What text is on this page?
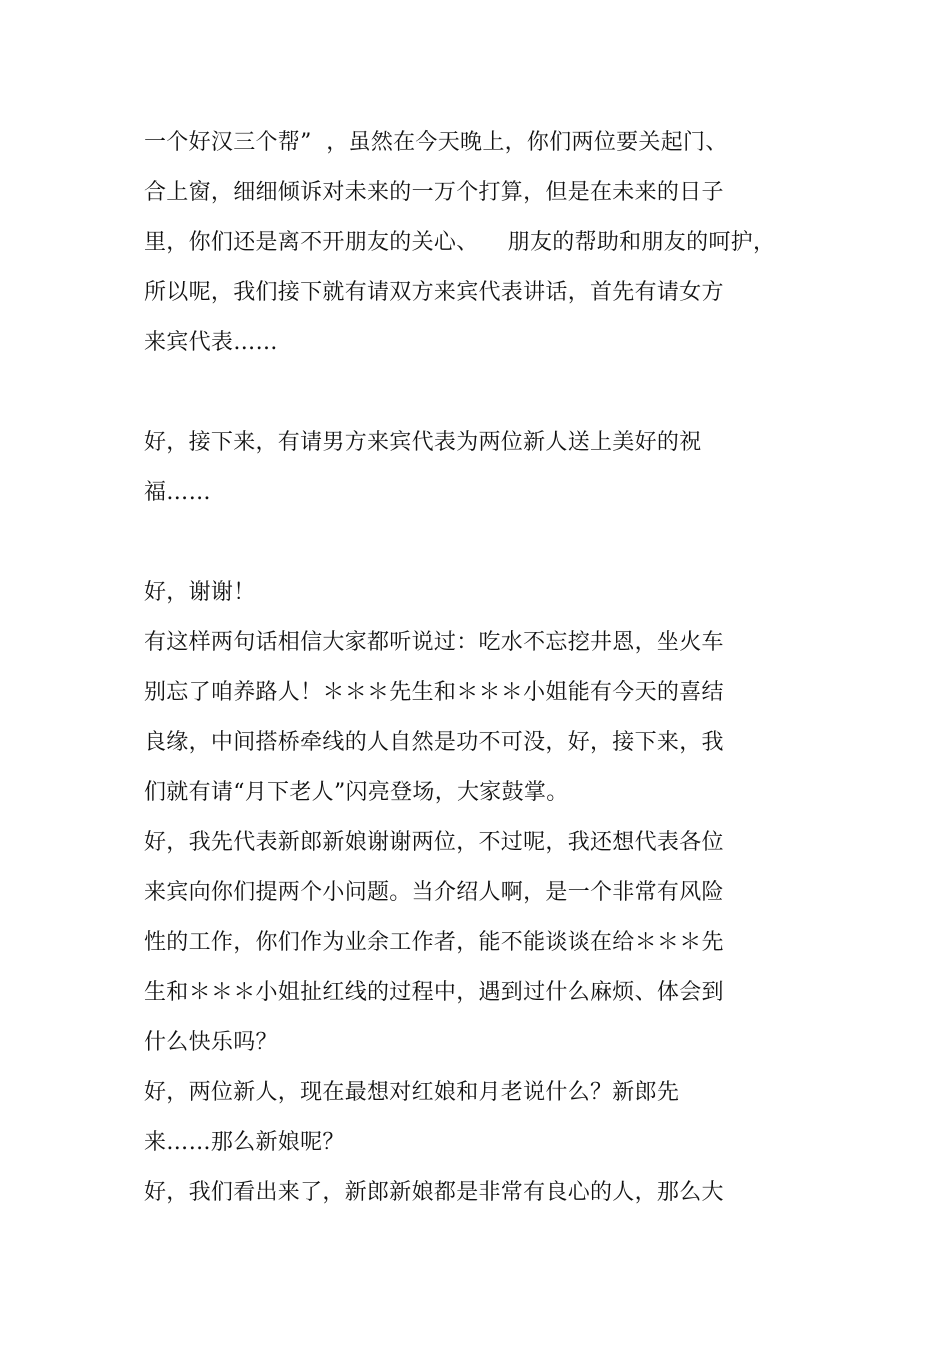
一个好汉三个帮”  ，虽然在今天晚上，你们两位要关起门、
合上窗，细细倾诉对未来的一万个打算，但是在未来的日子
里，你们还是离不开朋友的关心、    朋友的帮助和朋友的呵护，
所以呢，我们接下就有请双方来宾代表讲话，首先有请女方
来宾代表……
好，接下来，有请男方来宾代表为两位新人送上美好的祝
福……
好，谢谢！
有这样两句话相信大家都听说过：吃水不忘挖井恩，坐火车
别忘了咱养路人！＊＊＊先生和＊＊＊小姐能有今天的喜结
良缘，中间搭桥牵线的人自然是功不可没，好，接下来，我
们就有请“月下老人”闪亮登场，大家鼓掌。
好，我先代表新郎新娘谢谢两位，不过呢，我还想代表各位
来宾向你们提两个小问题。当介绍人啊，是一个非常有风险
性的工作，你们作为业余工作者，能不能谈谈在给＊＊＊先
生和＊＊＊小姐扯红线的过程中，遇到过什么麻烦、体会到
什么快乐吗？
好，两位新人，现在最想对红娘和月老说什么？新郎先
来……那么新娘呢？
好，我们看出来了，新郎新娘都是非常有良心的人，那么大
